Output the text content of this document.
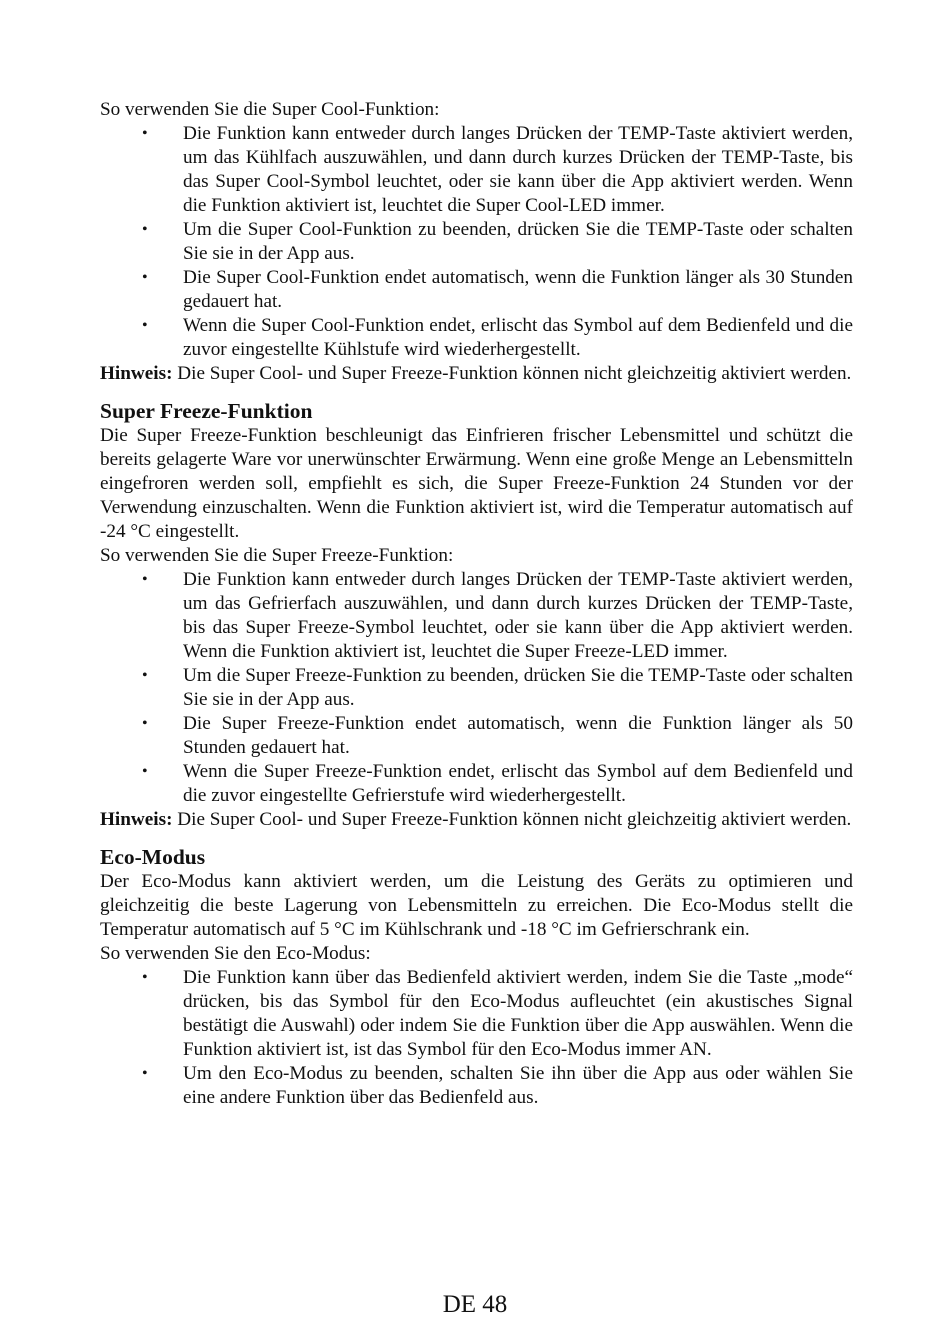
So verwenden Sie die Super Cool-Funktion:

• Die Funktion kann entweder durch langes Drücken der TEMP-Taste aktiviert werden, um das Kühlfach auszuwählen, und dann durch kurzes Drücken der TEMP-Taste, bis das Super Cool-Symbol leuchtet, oder sie kann über die App aktiviert werden. Wenn die Funktion aktiviert ist, leuchtet die Super Cool-LED immer.
• Um die Super Cool-Funktion zu beenden, drücken Sie die TEMP-Taste oder schalten Sie sie in der App aus.
• Die Super Cool-Funktion endet automatisch, wenn die Funktion länger als 30 Stunden gedauert hat.
• Wenn die Super Cool-Funktion endet, erlischt das Symbol auf dem Bedienfeld und die zuvor eingestellte Kühlstufe wird wiederhergestellt.

Hinweis: Die Super Cool- und Super Freeze-Funktion können nicht gleichzeitig aktiviert werden.

Super Freeze-Funktion

Die Super Freeze-Funktion beschleunigt das Einfrieren frischer Lebensmittel und schützt die bereits gelagerte Ware vor unerwünschter Erwärmung. Wenn eine große Menge an Lebensmitteln eingefroren werden soll, empfiehlt es sich, die Super Freeze-Funktion 24 Stunden vor der Verwendung einzuschalten. Wenn die Funktion aktiviert ist, wird die Temperatur automatisch auf -24 °C eingestellt.

So verwenden Sie die Super Freeze-Funktion:

• Die Funktion kann entweder durch langes Drücken der TEMP-Taste aktiviert werden, um das Gefrierfach auszuwählen, und dann durch kurzes Drücken der TEMP-Taste, bis das Super Freeze-Symbol leuchtet, oder sie kann über die App aktiviert werden. Wenn die Funktion aktiviert ist, leuchtet die Super Freeze-LED immer.
• Um die Super Freeze-Funktion zu beenden, drücken Sie die TEMP-Taste oder schalten Sie sie in der App aus.
• Die Super Freeze-Funktion endet automatisch, wenn die Funktion länger als 50 Stunden gedauert hat.
• Wenn die Super Freeze-Funktion endet, erlischt das Symbol auf dem Bedienfeld und die zuvor eingestellte Gefrierstufe wird wiederhergestellt.

Hinweis: Die Super Cool- und Super Freeze-Funktion können nicht gleichzeitig aktiviert werden.

Eco-Modus

Der Eco-Modus kann aktiviert werden, um die Leistung des Geräts zu optimieren und gleichzeitig die beste Lagerung von Lebensmitteln zu erreichen. Die Eco-Modus stellt die Temperatur automatisch auf 5 °C im Kühlschrank und -18 °C im Gefrierschrank ein.

So verwenden Sie den Eco-Modus:

• Die Funktion kann über das Bedienfeld aktiviert werden, indem Sie die Taste „mode“ drücken, bis das Symbol für den Eco-Modus aufleuchtet (ein akustisches Signal bestätigt die Auswahl) oder indem Sie die Funktion über die App auswählen. Wenn die Funktion aktiviert ist, ist das Symbol für den Eco-Modus immer AN.
• Um den Eco-Modus zu beenden, schalten Sie ihn über die App aus oder wählen Sie eine andere Funktion über das Bedienfeld aus.
DE 48
